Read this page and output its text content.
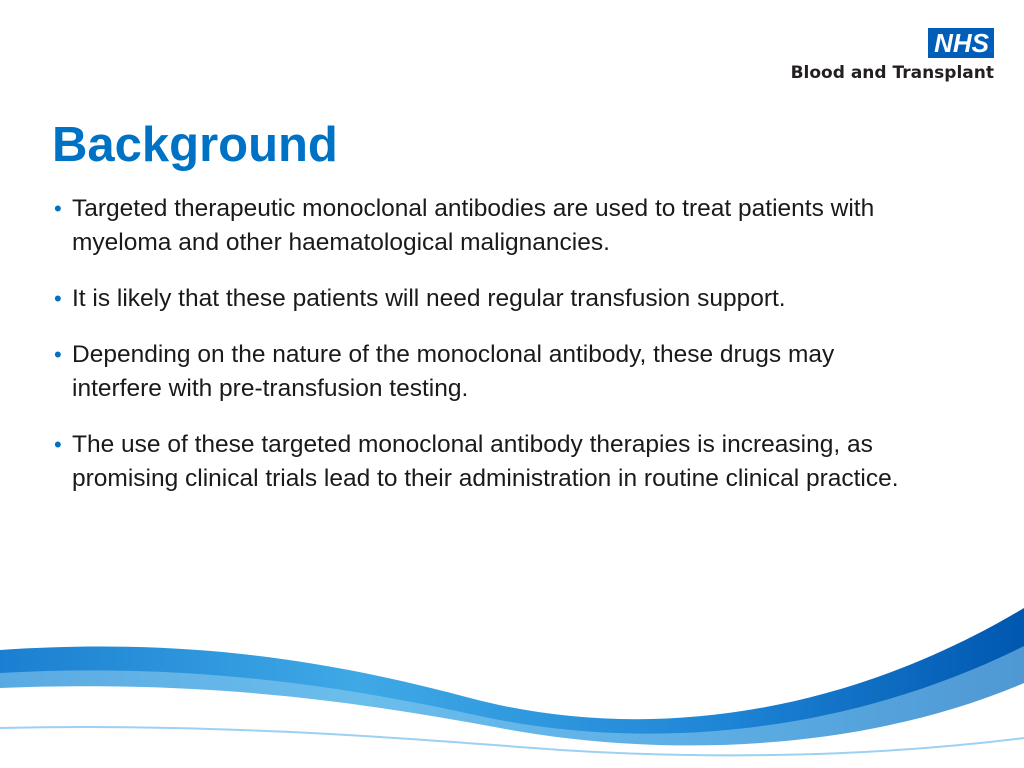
NHS
Blood and Transplant
Background
• Targeted therapeutic monoclonal antibodies are used to treat patients with myeloma and other haematological malignancies.
• It is likely that these patients will need regular transfusion support.
• Depending on the nature of the monoclonal antibody, these drugs may interfere with pre-transfusion testing.
• The use of these targeted monoclonal antibody therapies is increasing, as promising clinical trials lead to their administration in routine clinical practice.
